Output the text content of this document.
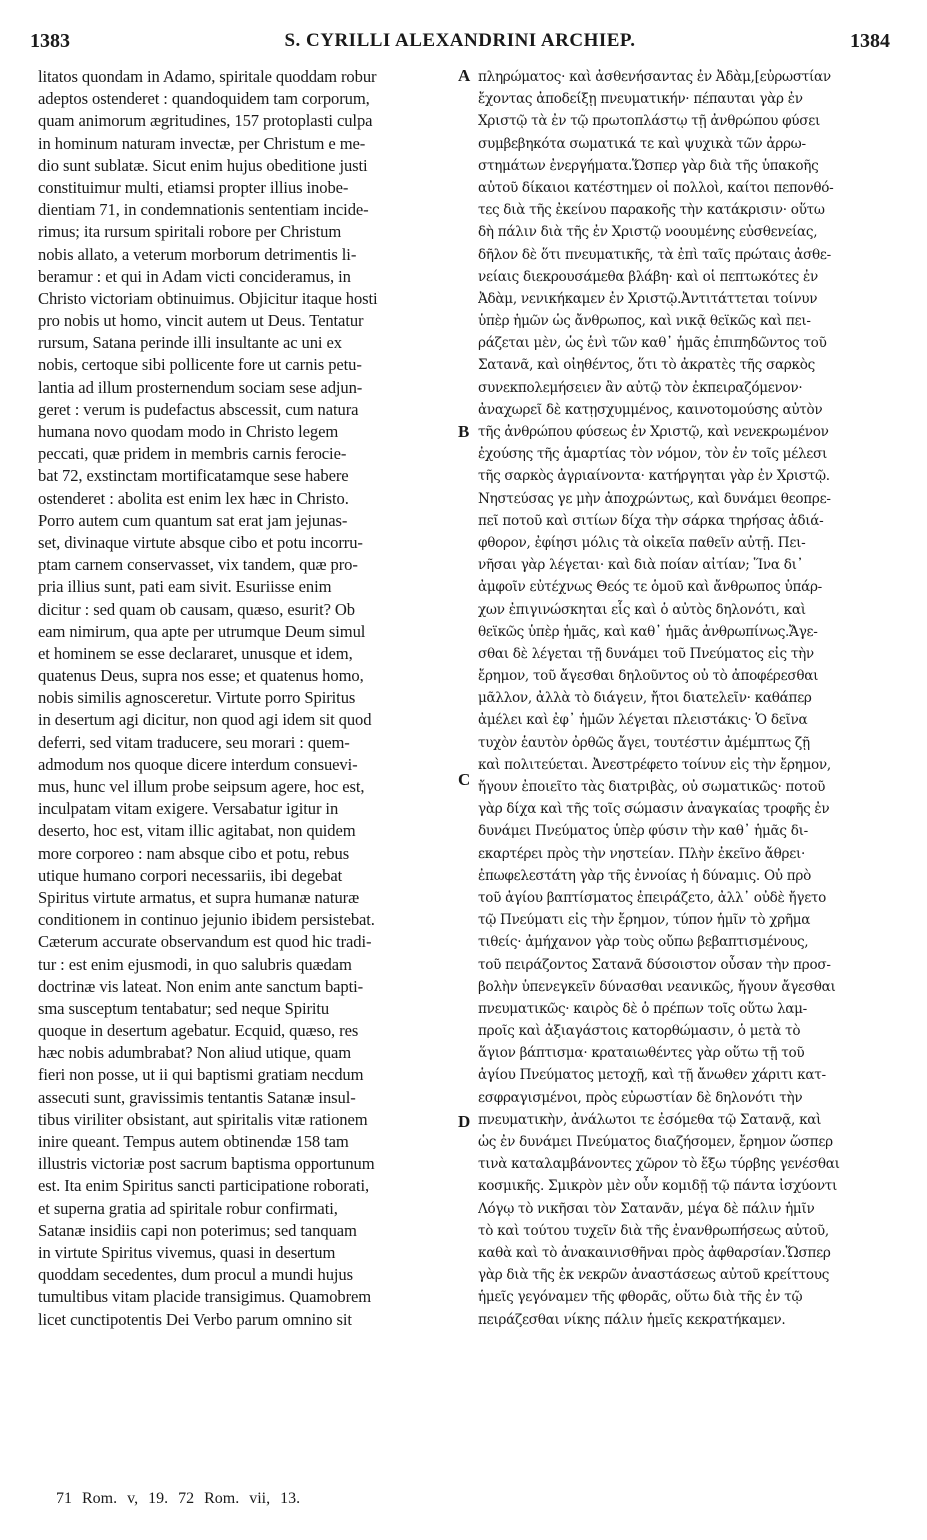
1383	S. CYRILLI ALEXANDRINI ARCHIEP.	1384
litatos quondam in Adamo, spiritale quoddam robur
adeptos ostenderet : quandoquidem tam corporum,
quam animorum ægritudines, 157 protoplasti culpa
in hominum naturam invectæ, per Christum e me-
dio sunt sublatæ. Sicut enim hujus obeditione justi
constituimur multi, etiamsi propter illius inobe-
dientiam 71, in condemnationis sententiam incide-
rimus; ita rursum spiritali robore per Christum
nobis allato, a veterum morborum detrimentis li-
beramur : et qui in Adam victi concideramus, in
Christo victoriam obtinuimus. Objicitur itaque hosti
pro nobis ut homo, vincit autem ut Deus. Tentatur
rursum, Satana perinde illi insultante ac uni ex
nobis, certoque sibi pollicente fore ut carnis petu-
lantia ad illum prosternendum sociam sese adjun-
geret : verum is pudefactus abscessit, cum natura
humana novo quodam modo in Christo legem
peccati, quæ pridem in membris carnis ferocie-
bat 72, exstinctam mortificatamque sese habere
ostenderet : abolita est enim lex hæc in Christo.
Porro autem cum quantum sat erat jam jejunas-
set, divinaque virtute absque cibo et potu incorru-
ptam carnem conservasset, vix tandem, quæ pro-
pria illius sunt, pati eam sivit. Esuriisse enim
dicitur : sed quam ob causam, quæso, esurit? Ob
eam nimirum, qua apte per utrumque Deum simul
et hominem se esse declararet, unusque et idem,
quatenus Deus, supra nos esse; et quatenus homo,
nobis similis agnosceretur. Virtute porro Spiritus
in desertum agi dicitur, non quod agi idem sit quod
deferri, sed vitam traducere, seu morari : quem-
admodum nos quoque dicere interdum consuevi-
mus, hunc vel illum probe seipsum agere, hoc est,
inculpatam vitam exigere. Versabatur igitur in
deserto, hoc est, vitam illic agitabat, non quidem
more corporeo : nam absque cibo et potu, rebus
utique humano corpori necessariis, ibi degebat
Spiritus virtute armatus, et supra humanæ naturæ
conditionem in continuo jejunio ibidem persistebat.
Cæterum accurate observandum est quod hic tradi-
tur : est enim ejusmodi, in quo salubris quædam
doctrinæ vis lateat. Non enim ante sanctum bapti-
sma susceptum tentabatur; sed neque Spiritu
quoque in desertum agebatur. Ecquid, quæso, res
hæc nobis adumbrabat? Non aliud utique, quam
fieri non posse, ut ii qui baptismi gratiam necdum
assecuti sunt, gravissimis tentantis Satanæ insul-
tibus viriliter obsistant, aut spiritalis vitæ rationem
inire queant. Tempus autem obtinendæ 158 tam
illustris victoriæ post sacrum baptisma opportunum
est. Ita enim Spiritus sancti participatione roborati,
et superna gratia ad spiritale robur confirmati,
Satanæ insidiis capi non poterimus; sed tanquam
in virtute Spiritus vivemus, quasi in desertum
quoddam secedentes, dum procul a mundi hujus
tumultibus vitam placide transigimus. Quamobrem
licet cunctipotentis Dei Verbo parum omnino sit
πληρώματος· καὶ ἀσθενήσαντας ἐν Ἀδὰμ,[εὐρωστίαν
ἔχοντας ἀποδείξῃ πνευματικήν· πέπαυται γὰρ ἐν
Χριστῷ τὰ ἐν τῷ πρωτοπλάστῳ τῇ ἀνθρώπου φύσει
συμβεβηκότα σωματικά τε καὶ ψυχικὰ τῶν ἀρρω-
στημάτων ἐνεργήματα.Ὥσπερ γὰρ διὰ τῆς ὑπακοῆς
αὐτοῦ δίκαιοι κατέστημεν οἱ πολλοὶ, καίτοι πεπονθό-
τες διὰ τῆς ἐκείνου παρακοῆς τὴν κατάκρισιν· οὕτω
δὴ πάλιν διὰ τῆς ἐν Χριστῷ νοουμένης εὐσθενείας,
δῆλον δὲ ὅτι πνευματικῆς, τὰ ἐπὶ ταῖς πρώταις ἀσθε-
νείαις διεκρουσάμεθα βλάβη· καὶ οἱ πεπτωκότες ἐν
Ἀδὰμ, νενικήκαμεν ἐν Χριστῷ.Ἀντιτάττεται τοίνυν
ὑπὲρ ἡμῶν ὡς ἄνθρωπος, καὶ νικᾷ θεϊκῶς καὶ πει-
ράζεται μὲν, ὡς ἑνὶ τῶν καθ᾽ ἡμᾶς ἐπιπηδῶντος τοῦ
Σατανᾶ, καὶ οἰηθέντος, ὅτι τὸ ἀκρατὲς τῆς σαρκὸς
συνεκπολεμήσειεν ἂν αὐτῷ τὸν ἐκπειραζόμενον·
ἀναχωρεῖ δὲ κατῃσχυμμένος, καινοτομούσης αὐτὸν
τῆς ἀνθρώπου φύσεως ἐν Χριστῷ, καὶ νενεκρωμένον
ἐχούσης τῆς ἁμαρτίας τὸν νόμον, τὸν ἐν τοῖς μέλεσι
τῆς σαρκὸς ἀγριαίνοντα· κατήργηται γὰρ ἐν Χριστῷ.
Νηστεύσας γε μὴν ἀποχρώντως, καὶ δυνάμει θεοπρε-
πεῖ ποτοῦ καὶ σιτίων δίχα τὴν σάρκα τηρήσας ἀδιά-
φθορον, ἐφίησι μόλις τὰ οἰκεῖα παθεῖν αὐτῇ. Πει-
νῆσαι γὰρ λέγεται· καὶ διὰ ποίαν αἰτίαν; Ἵνα δι᾽
ἀμφοῖν εὐτέχνως Θεός τε ὁμοῦ καὶ ἄνθρωπος ὑπάρ-
χων ἐπιγινώσκηται εἷς καὶ ὁ αὐτὸς δηλονότι, καὶ
θεϊκῶς ὑπὲρ ἡμᾶς, καὶ καθ᾽ ἡμᾶς ἀνθρωπίνως.Ἄγε-
σθαι δὲ λέγεται τῇ δυνάμει τοῦ Πνεύματος εἰς τὴν
ἔρημον, τοῦ ἄγεσθαι δηλοῦντος οὐ τὸ ἀποφέρεσθαι
μᾶλλον, ἀλλὰ τὸ διάγειν, ἤτοι διατελεῖν· καθάπερ
ἀμέλει καὶ ἐφ᾽ ἡμῶν λέγεται πλειστάκις· Ὁ δεῖνα
τυχὸν ἑαυτὸν ὀρθῶς ἄγει, τουτέστιν ἀμέμπτως ζῇ
καὶ πολιτεύεται. Ἀνεστρέφετο τοίνυν εἰς τὴν ἔρημον,
ἤγουν ἐποιεῖτο τὰς διατριβὰς, οὐ σωματικῶς· ποτοῦ
γὰρ δίχα καὶ τῆς τοῖς σώμασιν ἀναγκαίας τροφῆς ἐν
δυνάμει Πνεύματος ὑπὲρ φύσιν τὴν καθ᾽ ἡμᾶς δι-
εκαρτέρει πρὸς τὴν νηστείαν. Πλὴν ἐκεῖνο ἄθρει·
ἐπωφελεστάτη γὰρ τῆς ἐννοίας ἡ δύναμις. Οὐ πρὸ
τοῦ ἁγίου βαπτίσματος ἐπειράζετο, ἀλλ᾽ οὐδὲ ἤγετο
τῷ Πνεύματι εἰς τὴν ἔρημον, τύπον ἡμῖν τὸ χρῆμα
τιθείς· ἀμήχανον γὰρ τοὺς οὔπω βεβαπτισμένους,
τοῦ πειράζοντος Σατανᾶ δύσοιστον οὖσαν τὴν προσ-
βολὴν ὑπενεγκεῖν δύνασθαι νεανικῶς, ἤγουν ἄγεσθαι
πνευματικῶς· καιρὸς δὲ ὁ πρέπων τοῖς οὕτω λαμ-
προῖς καὶ ἀξιαγάστοις κατορθώμασιν, ὁ μετὰ τὸ
ἅγιον βάπτισμα· κραταιωθέντες γὰρ οὕτω τῇ τοῦ
ἁγίου Πνεύματος μετοχῇ, καὶ τῇ ἄνωθεν χάριτι κατ-
εσφραγισμένοι, πρὸς εὐρωστίαν δὲ δηλονότι τὴν
πνευματικὴν, ἀνάλωτοι τε ἐσόμεθα τῷ Σατανᾷ, καὶ
ὡς ἐν δυνάμει Πνεύματος διαζήσομεν, ἔρημον ὥσπερ
τινὰ καταλαμβάνοντες χῶρον τὸ ἔξω τύρβης γενέσθαι
κοσμικῆς. Σμικρὸν μὲν οὖν κομιδῇ τῷ πάντα ἰσχύοντι
Λόγῳ τὸ νικῆσαι τὸν Σατανᾶν, μέγα δὲ πάλιν ἡμῖν
τὸ καὶ τούτου τυχεῖν διὰ τῆς ἐνανθρωπήσεως αὐτοῦ,
καθὰ καὶ τὸ ἀνακαινισθῆναι πρὸς ἀφθαρσίαν.Ὥσπερ
γὰρ διὰ τῆς ἐκ νεκρῶν ἀναστάσεως αὐτοῦ κρείττους
ἡμεῖς γεγόναμεν τῆς φθορᾶς, οὕτω διὰ τῆς ἐν τῷ
πειράζεσθαι νίκης πάλιν ἡμεῖς κεκρατήκαμεν.
A
B
C
D
71 Rom. v, 19. 72 Rom. vii, 13.
